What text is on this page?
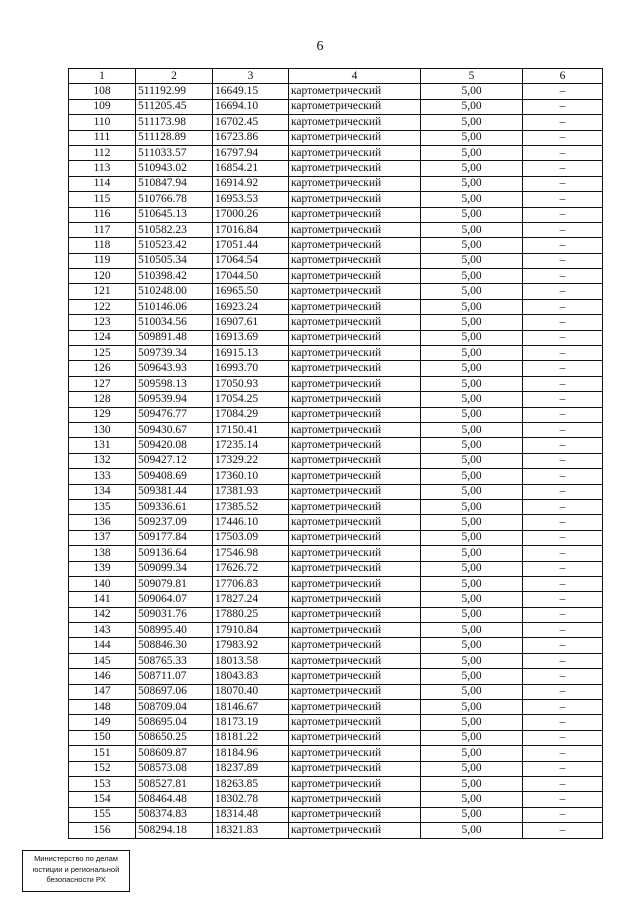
6
1	2	3	4	5	6
108	511192.99	16649.15	картометрический	5,00	–
109	511205.45	16694.10	картометрический	5,00	–
110	511173.98	16702.45	картометрический	5,00	–
111	511128.89	16723.86	картометрический	5,00	–
112	511033.57	16797.94	картометрический	5,00	–
113	510943.02	16854.21	картометрический	5,00	–
114	510847.94	16914.92	картометрический	5,00	–
115	510766.78	16953.53	картометрический	5,00	–
116	510645.13	17000.26	картометрический	5,00	–
117	510582.23	17016.84	картометрический	5,00	–
118	510523.42	17051.44	картометрический	5,00	–
119	510505.34	17064.54	картометрический	5,00	–
120	510398.42	17044.50	картометрический	5,00	–
121	510248.00	16965.50	картометрический	5,00	–
122	510146.06	16923.24	картометрический	5,00	–
123	510034.56	16907.61	картометрический	5,00	–
124	509891.48	16913.69	картометрический	5,00	–
125	509739.34	16915.13	картометрический	5,00	–
126	509643.93	16993.70	картометрический	5,00	–
127	509598.13	17050.93	картометрический	5,00	–
128	509539.94	17054.25	картометрический	5,00	–
129	509476.77	17084.29	картометрический	5,00	–
130	509430.67	17150.41	картометрический	5,00	–
131	509420.08	17235.14	картометрический	5,00	–
132	509427.12	17329.22	картометрический	5,00	–
133	509408.69	17360.10	картометрический	5,00	–
134	509381.44	17381.93	картометрический	5,00	–
135	509336.61	17385.52	картометрический	5,00	–
136	509237.09	17446.10	картометрический	5,00	–
137	509177.84	17503.09	картометрический	5,00	–
138	509136.64	17546.98	картометрический	5,00	–
139	509099.34	17626.72	картометрический	5,00	–
140	509079.81	17706.83	картометрический	5,00	–
141	509064.07	17827.24	картометрический	5,00	–
142	509031.76	17880.25	картометрический	5,00	–
143	508995.40	17910.84	картометрический	5,00	–
144	508846.30	17983.92	картометрический	5,00	–
145	508765.33	18013.58	картометрический	5,00	–
146	508711.07	18043.83	картометрический	5,00	–
147	508697.06	18070.40	картометрический	5,00	–
148	508709.04	18146.67	картометрический	5,00	–
149	508695.04	18173.19	картометрический	5,00	–
150	508650.25	18181.22	картометрический	5,00	–
151	508609.87	18184.96	картометрический	5,00	–
152	508573.08	18237.89	картометрический	5,00	–
153	508527.81	18263.85	картометрический	5,00	–
154	508464.48	18302.78	картометрический	5,00	–
155	508374.83	18314.48	картометрический	5,00	–
156	508294.18	18321.83	картометрический	5,00	–
Министерство по делам
юстиции и региональной
безопасности РХ
